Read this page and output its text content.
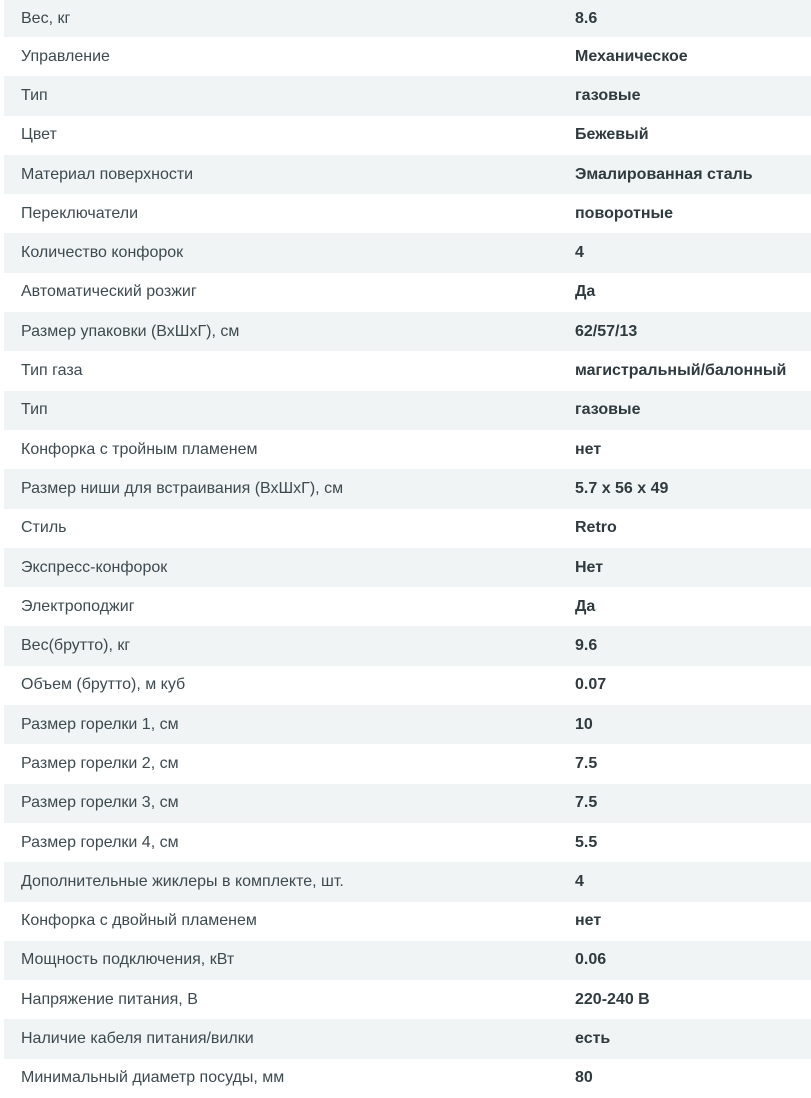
Вес, кг	8.6
Управление	Механическое
Тип	газовые
Цвет	Бежевый
Материал поверхности	Эмалированная сталь
Переключатели	поворотные
Количество конфорок	4
Автоматический розжиг	Да
Размер упаковки (ВхШхГ), см	62/57/13
Тип газа	магистральный/балонный
Тип	газовые
Конфорка с тройным пламенем	нет
Размер ниши для встраивания (ВхШхГ), см	5.7 x 56 x 49
Стиль	Retro
Экспресс-конфорок	Нет
Электроподжиг	Да
Вес(брутто), кг	9.6
Объем (брутто), м куб	0.07
Размер горелки 1, см	10
Размер горелки 2, см	7.5
Размер горелки 3, см	7.5
Размер горелки 4, см	5.5
Дополнительные жиклеры в комплекте, шт.	4
Конфорка с двойный пламенем	нет
Мощность подключения, кВт	0.06
Напряжение питания, В	220-240 В
Наличие кабеля питания/вилки	есть
Минимальный диаметр посуды, мм	80
